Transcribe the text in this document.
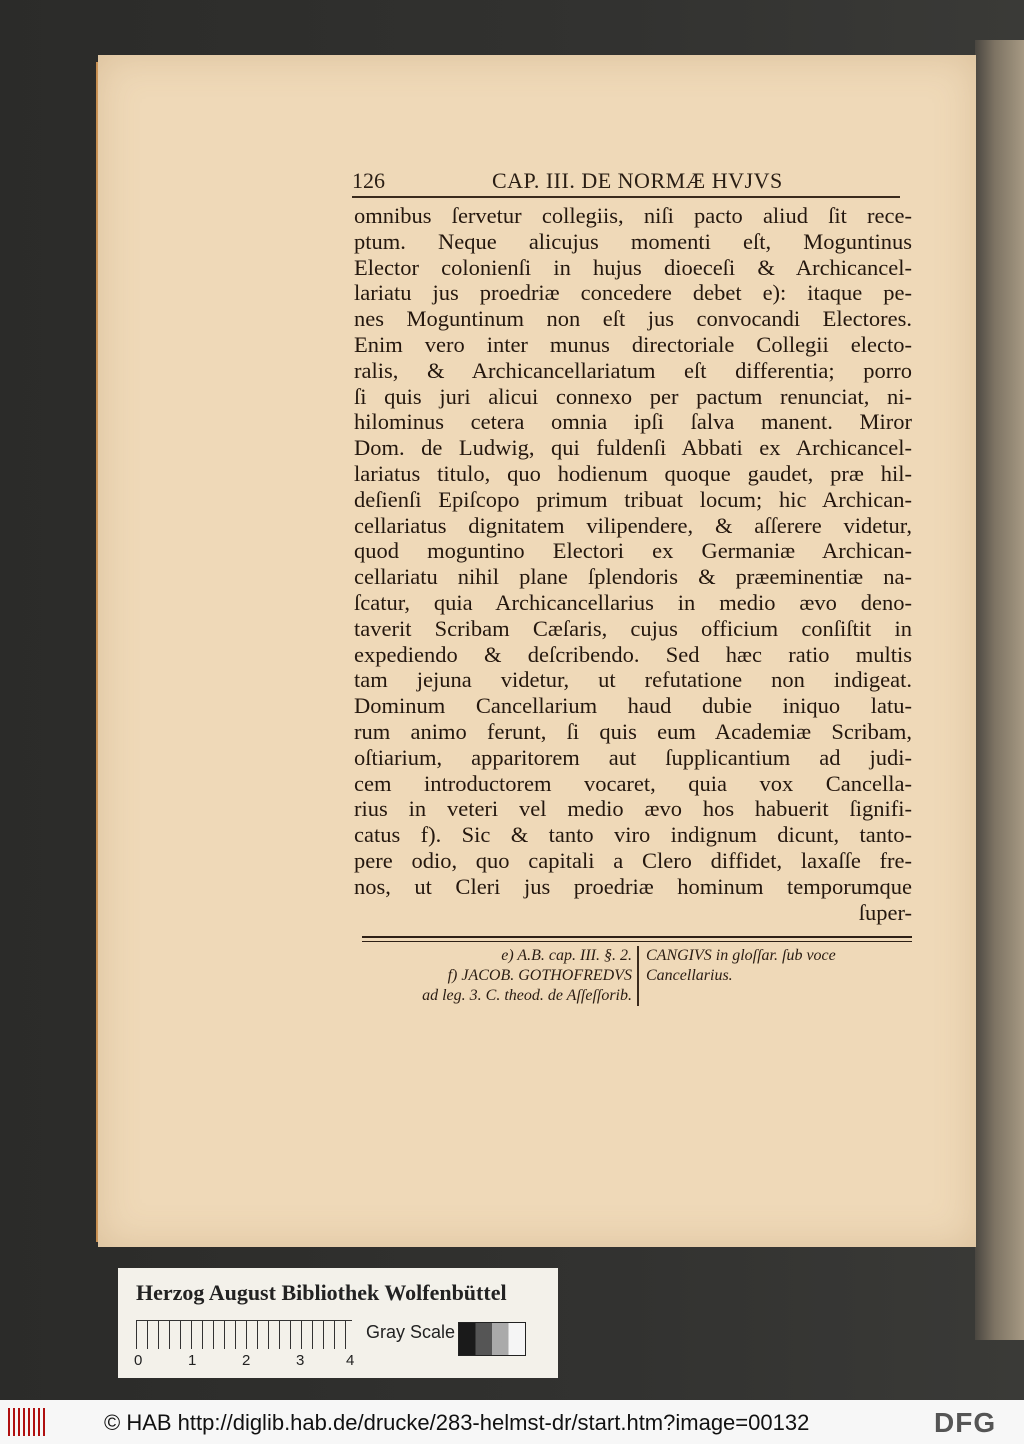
126	CAP. III. DE NORMÆ HVJVS
omnibus ſervetur collegiis, niſi pacto aliud ſit rece-
ptum. Neque alicujus momenti eſt, Moguntinus
Elector colonienſi in hujus dioeceſi & Archicancel-
lariatu jus proedriæ concedere debet e): itaque pe-
nes Moguntinum non eſt jus convocandi Electores.
Enim vero inter munus directoriale Collegii electo-
ralis, & Archicancellariatum eſt differentia; porro
ſi quis juri alicui connexo per pactum renunciat, ni-
hilominus cetera omnia ipſi ſalva manent. Miror
Dom. de Ludwig, qui fuldenſi Abbati ex Archicancel-
lariatus titulo, quo hodienum quoque gaudet, præ hil-
deſienſi Epiſcopo primum tribuat locum; hic Archican-
cellariatus dignitatem vilipendere, & aſſerere videtur,
quod moguntino Electori ex Germaniæ Archican-
cellariatu nihil plane ſplendoris & præeminentiæ na-
ſcatur, quia Archicancellarius in medio ævo deno-
taverit Scribam Cæſaris, cujus officium conſiſtit in
expediendo & deſcribendo. Sed hæc ratio multis
tam jejuna videtur, ut refutatione non indigeat.
Dominum Cancellarium haud dubie iniquo latu-
rum animo ferunt, ſi quis eum Academiæ Scribam,
oſtiarium, apparitorem aut ſupplicantium ad judi-
cem introductorem vocaret, quia vox Cancella-
rius in veteri vel medio ævo hos habuerit ſignifi-
catus f). Sic & tanto viro indignum dicunt, tanto-
pere odio, quo capitali a Clero diffidet, laxaſſe fre-
nos, ut Cleri jus proedriæ hominum temporumque
ſuper-
e) A.B. cap. III. §. 2.
f) JACOB. GOTHOFREDVS
ad leg. 3. C. theod. de Aſſeſſorib.
CANGIVS in gloſſar. ſub voce
Cancellarius.
Herzog August Bibliothek Wolfenbüttel
0	1	2	3	4
Gray Scale
© HAB http://diglib.hab.de/drucke/283-helmst-dr/start.htm?image=00132	DFG
